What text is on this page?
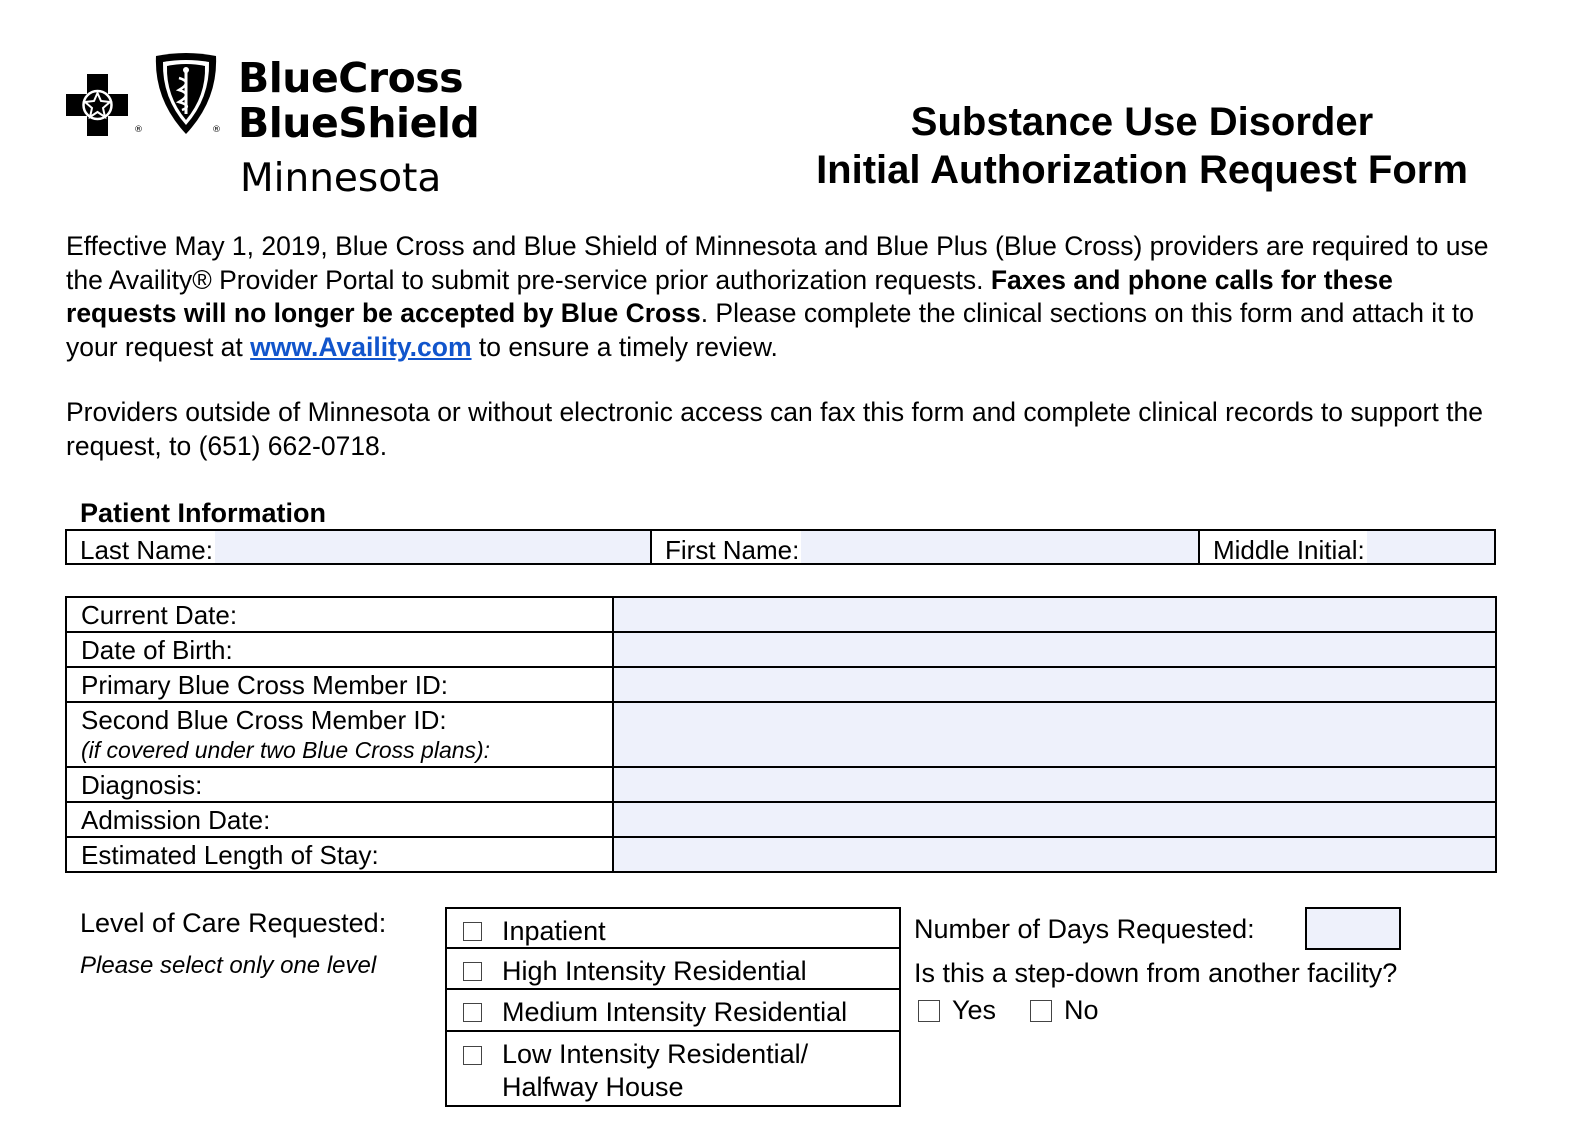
®	®
BlueCross
BlueShield
Minnesota
Substance Use Disorder
Initial Authorization Request Form
Effective May 1, 2019, Blue Cross and Blue Shield of Minnesota and Blue Plus (Blue Cross) providers are required to use the Availity® Provider Portal to submit pre-service prior authorization requests. Faxes and phone calls for these requests will no longer be accepted by Blue Cross. Please complete the clinical sections on this form and attach it to your request at www.Availity.com to ensure a timely review.
Providers outside of Minnesota or without electronic access can fax this form and complete clinical records to support the request, to (651) 662-0718.
Patient Information
Last Name:	First Name:	Middle Initial:
Current Date:	
Date of Birth:	
Primary Blue Cross Member ID:	

Second Blue Cross Member ID:
(if covered under two Blue Cross plans):	

Diagnosis:	
Admission Date:	
Estimated Length of Stay:	
Level of Care Requested:
Please select only one level
Inpatient
High Intensity Residential
Medium Intensity Residential
Low Intensity Residential/
Halfway House
Number of Days Requested:
Is this a step-down from another facility?
Yes	No
